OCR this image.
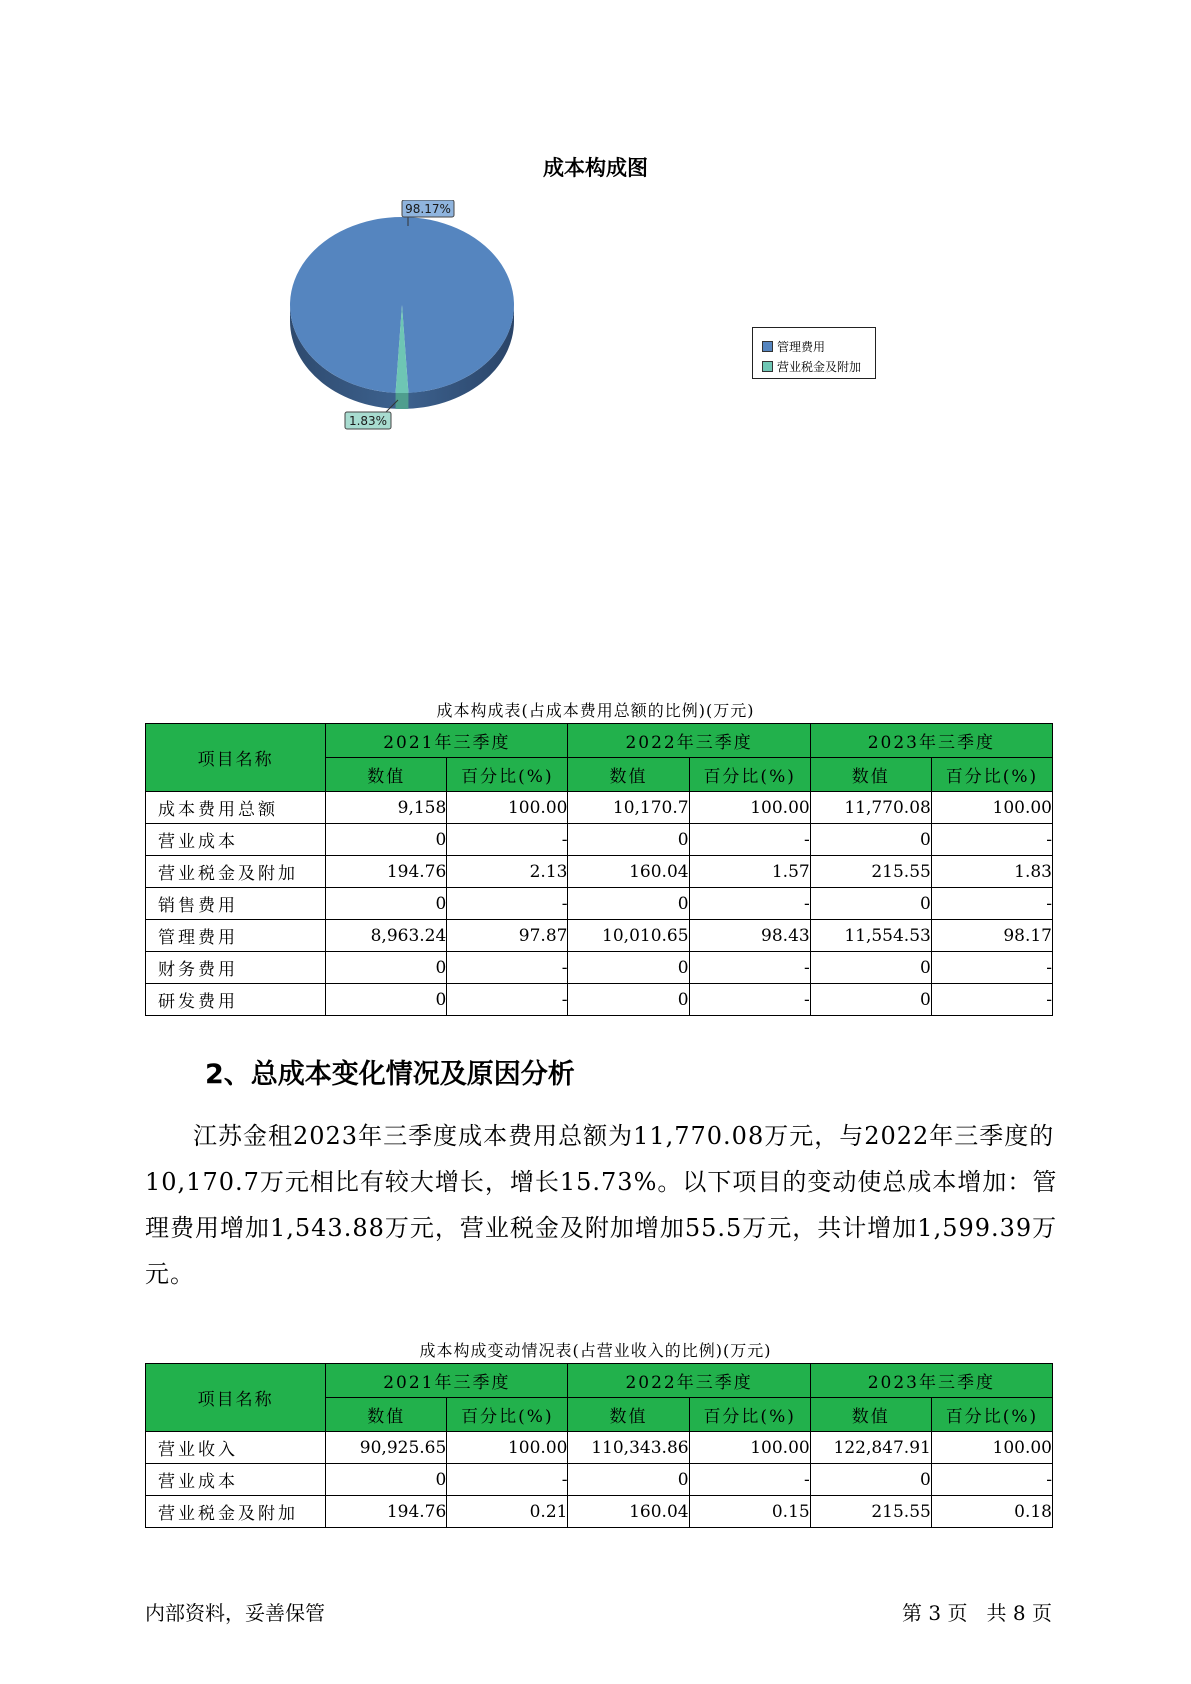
成本构成图
98.17%
1.83%
管理费用
营业税金及附加
成本构成表(占成本费用总额的比例)(万元)
项目名称	2021年三季度		2022年三季度		2023年三季度	
	数值	百分比(%)	数值	百分比(%)	数值	百分比(%)
成本费用总额	9,158	100.00	10,170.7	100.00	11,770.08	100.00
营业成本	0	-	0	-	0	-
营业税金及附加	194.76	2.13	160.04	1.57	215.55	1.83
销售费用	0	-	0	-	0	-
管理费用	8,963.24	97.87	10,010.65	98.43	11,554.53	98.17
财务费用	0	-	0	-	0	-
研发费用	0	-	0	-	0	-
2、总成本变化情况及原因分析
江苏金租2023年三季度成本费用总额为11,770.08万元，与2022年三季度的10,170.7万元相比有较大增长，增长15.73%。以下项目的变动使总成本增加：管理费用增加1,543.88万元，营业税金及附加增加55.5万元，共计增加1,599.39万元。
成本构成变动情况表(占营业收入的比例)(万元)
项目名称	2021年三季度		2022年三季度		2023年三季度	
	数值	百分比(%)	数值	百分比(%)	数值	百分比(%)
营业收入	90,925.65	100.00	110,343.86	100.00	122,847.91	100.00
营业成本	0	-	0	-	0	-
营业税金及附加	194.76	0.21	160.04	0.15	215.55	0.18
内部资料，妥善保管	第 3 页   共 8 页
